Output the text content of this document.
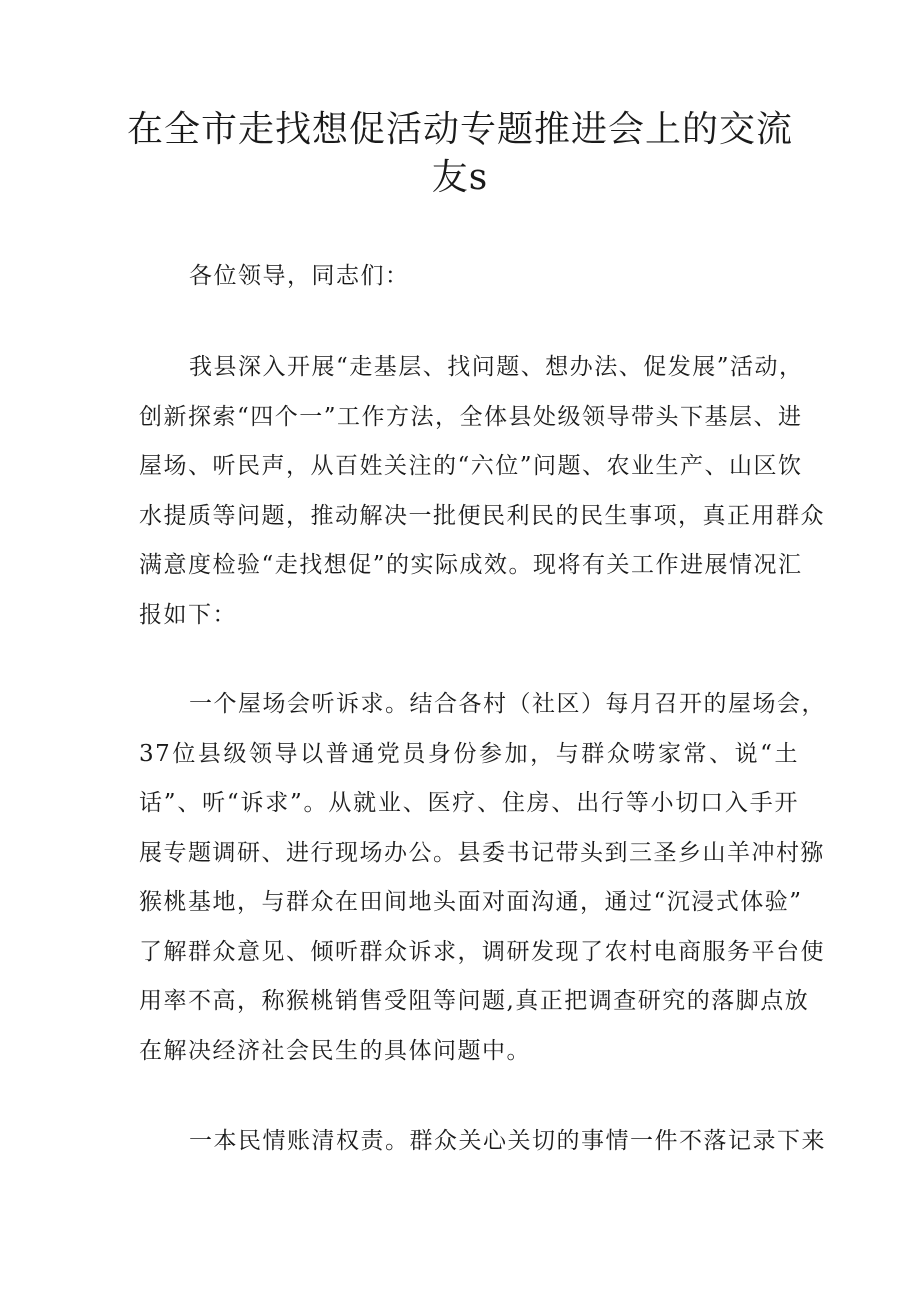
在全市走找想促活动专题推进会上的交流
友s

各位领导，同志们：

我县深入开展“走基层、找问题、想办法、促发展”活动，
创新探索“四个一”工作方法，全体县处级领导带头下基层、进
屋场、听民声，从百姓关注的“六位”问题、农业生产、山区饮
水提质等问题，推动解决一批便民利民的民生事项，真正用群众
满意度检验“走找想促”的实际成效。现将有关工作进展情况汇
报如下：
一个屋场会听诉求。结合各村（社区）每月召开的屋场会，
37位县级领导以普通党员身份参加，与群众唠家常、说“土
话”、听“诉求”。从就业、医疗、住房、出行等小切口入手开
展专题调研、进行现场办公。县委书记带头到三圣乡山羊冲村猕
猴桃基地，与群众在田间地头面对面沟通，通过“沉浸式体验”
了解群众意见、倾听群众诉求，调研发现了农村电商服务平台使
用率不高，称猴桃销售受阻等问题,真正把调查研究的落脚点放
在解决经济社会民生的具体问题中。
一本民情账清权责。群众关心关切的事情一件不落记录下来
